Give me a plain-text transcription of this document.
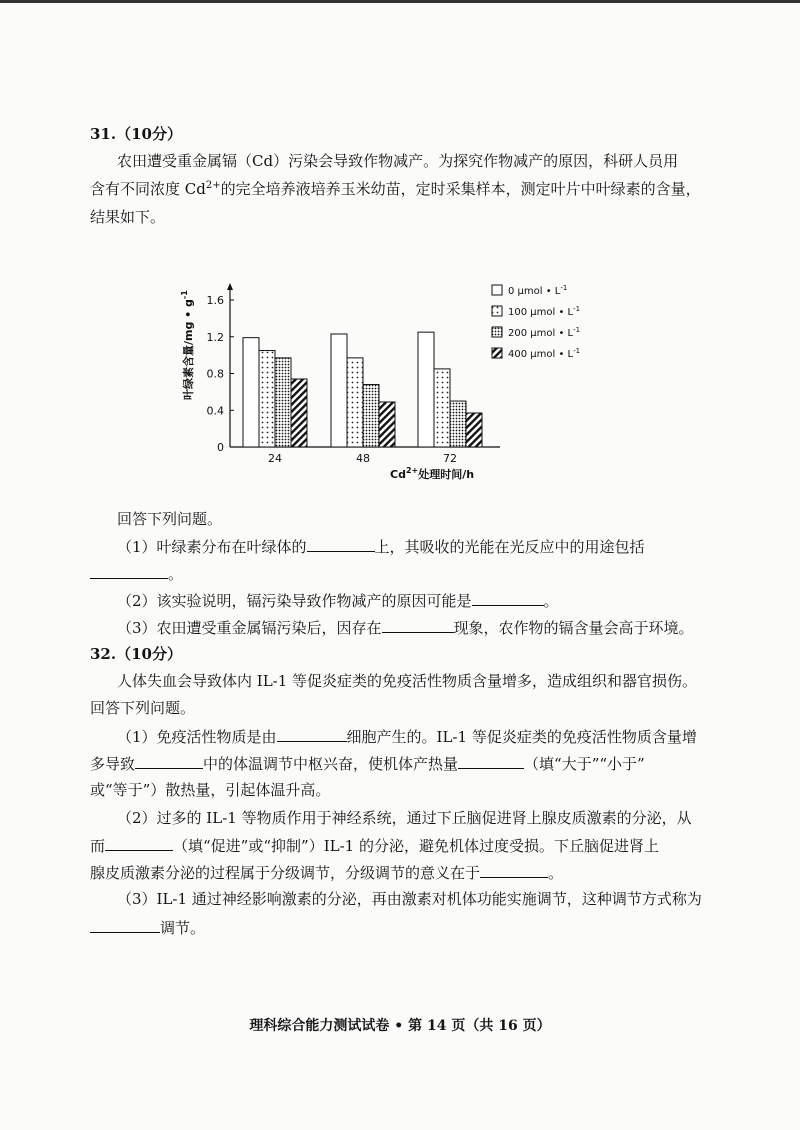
31.（10分）
农田遭受重金属镉（Cd）污染会导致作物减产。为探究作物减产的原因，科研人员用
含有不同浓度 $Cd^{2+}$的完全培养液培养玉米幼苗，定时采集样本，测定叶片中叶绿素的含量，
结果如下。
0
0.4
0.8
1.2
1.6
叶绿素含量/mg • $g^{-1}$
$Cd^{2+}$处理时间/h
24	48	72
0 μmol • $L^{-1}$
100 μmol • $L^{-1}$
200 μmol • $L^{-1}$
400 μmol • $L^{-1}$
回答下列问题。
（1）叶绿素分布在叶绿体的	上，其吸收的光能在光反应中的用途包括
。
（2）该实验说明，镉污染导致作物减产的原因可能是	。
（3）农田遭受重金属镉污染后，因存在	现象，农作物的镉含量会高于环境。
32.（10分）
人体失血会导致体内 IL-1 等促炎症类的免疫活性物质含量增多，造成组织和器官损伤。
回答下列问题。
（1）免疫活性物质是由	细胞产生的。IL-1 等促炎症类的免疫活性物质含量增
多导致	中的体温调节中枢兴奋，使机体产热量	（填“大于”“小于”
或“等于”）散热量，引起体温升高。
（2）过多的 IL-1 等物质作用于神经系统，通过下丘脑促进肾上腺皮质激素的分泌，从
而	（填“促进”或“抑制”）IL-1 的分泌，避免机体过度受损。下丘脑促进肾上
腺皮质激素分泌的过程属于分级调节，分级调节的意义在于	。
（3）IL-1 通过神经影响激素的分泌，再由激素对机体功能实施调节，这种调节方式称为
调节。
理科综合能力测试试卷 • 第 14 页（共 16 页）
